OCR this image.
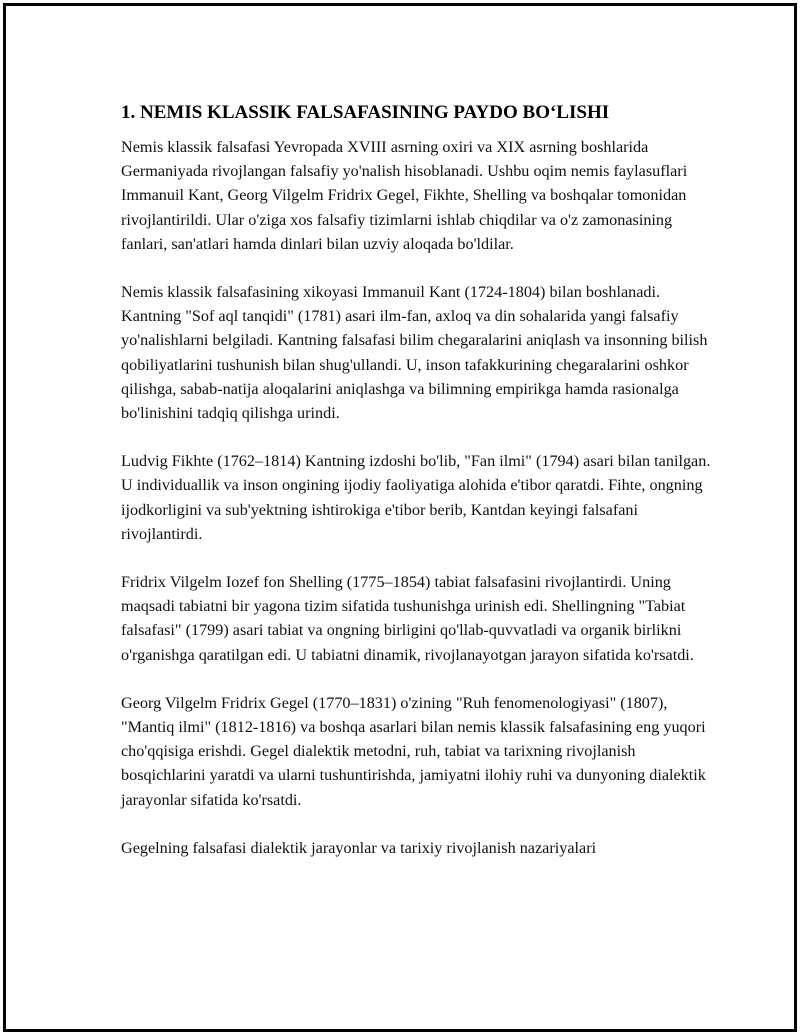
1. NEMIS KLASSIK FALSAFASINING PAYDO BO‘LISHI

Nemis klassik falsafasi Yevropada XVIII asrning oxiri va XIX asrning boshlarida Germaniyada rivojlangan falsafiy yo'nalish hisoblanadi. Ushbu oqim nemis faylasuflari Immanuil Kant, Georg Vilgelm Fridrix Gegel, Fikhte, Shelling va boshqalar tomonidan rivojlantirildi. Ular o'ziga xos falsafiy tizimlarni ishlab chiqdilar va o'z zamonasining fanlari, san'atlari hamda dinlari bilan uzviy aloqada bo'ldilar.

Nemis klassik falsafasining xikoyasi Immanuil Kant (1724-1804) bilan boshlanadi. Kantning "Sof aql tanqidi" (1781) asari ilm-fan, axloq va din sohalarida yangi falsafiy yo'nalishlarni belgiladi. Kantning falsafasi bilim chegaralarini aniqlash va insonning bilish qobiliyatlarini tushunish bilan shug'ullandi. U, inson tafakkurining chegaralarini oshkor qilishga, sabab-natija aloqalarini aniqlashga va bilimning empirikga hamda rasionalga bo'linishini tadqiq qilishga urindi.

Ludvig Fikhte (1762–1814) Kantning izdoshi bo'lib, "Fan ilmi" (1794) asari bilan tanilgan. U individuallik va inson ongining ijodiy faoliyatiga alohida e'tibor qaratdi. Fihte, ongning ijodkorligini va sub'yektning ishtirokiga e'tibor berib, Kantdan keyingi falsafani rivojlantirdi.

Fridrix Vilgelm Iozef fon Shelling (1775–1854) tabiat falsafasini rivojlantirdi. Uning maqsadi tabiatni bir yagona tizim sifatida tushunishga urinish edi. Shellingning "Tabiat falsafasi" (1799) asari tabiat va ongning birligini qo'llab-quvvatladi va organik birlikni o'rganishga qaratilgan edi. U tabiatni dinamik, rivojlanayotgan jarayon sifatida ko'rsatdi.

Georg Vilgelm Fridrix Gegel (1770–1831) o'zining "Ruh fenomenologiyasi" (1807), "Mantiq ilmi" (1812-1816) va boshqa asarlari bilan nemis klassik falsafasining eng yuqori cho'qqisiga erishdi. Gegel dialektik metodni, ruh, tabiat va tarixning rivojlanish bosqichlarini yaratdi va ularni tushuntirishda, jamiyatni ilohiy ruhi va dunyoning dialektik jarayonlar sifatida ko'rsatdi.

Gegelning falsafasi dialektik jarayonlar va tarixiy rivojlanish nazariyalari
